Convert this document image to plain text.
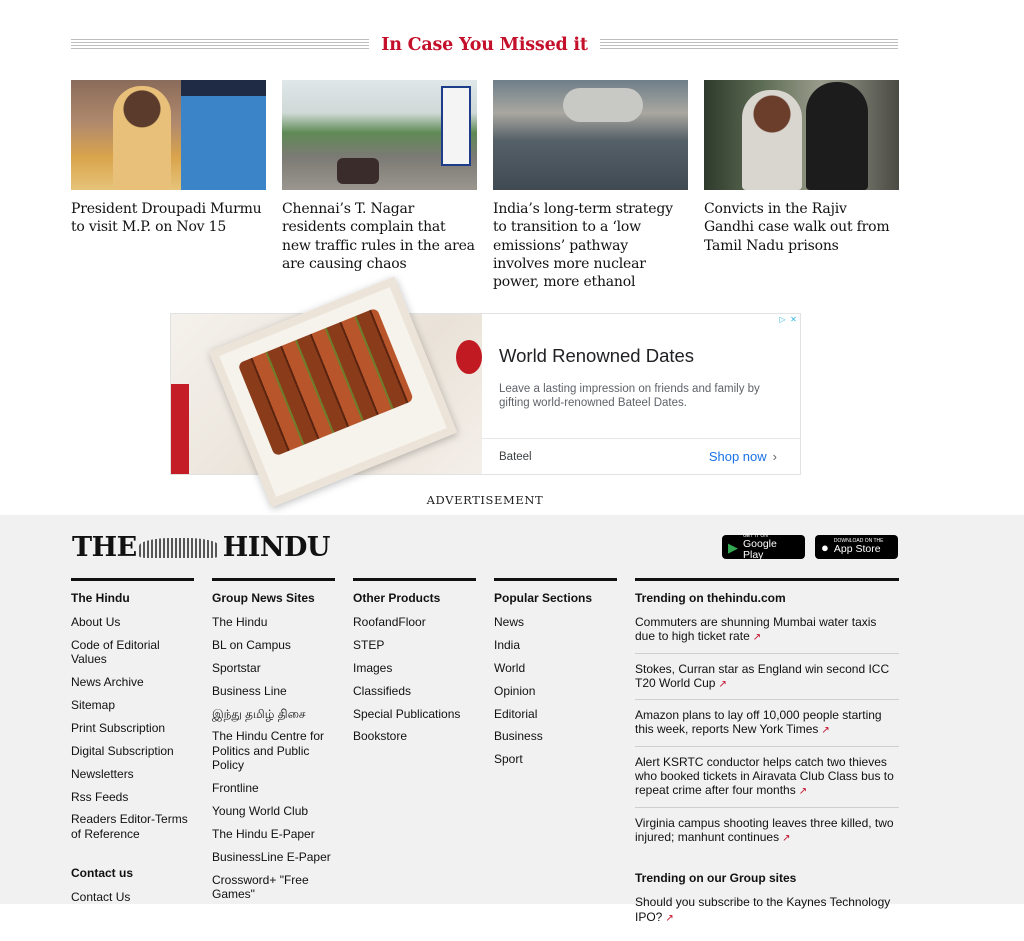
In Case You Missed it
President Droupadi Murmu to visit M.P. on Nov 15
Chennai’s T. Nagar residents complain that new traffic rules in the area are causing chaos
India’s long-term strategy to transition to a ‘low emissions’ pathway involves more nuclear power, more ethanol
Convicts in the Rajiv Gandhi case walk out from Tamil Nadu prisons
▷ ✕
World Renowned Dates
Leave a lasting impression on friends and family by gifting world-renowned Bateel Dates.
Bateel	Shop now ›
ADVERTISEMENT
THE	HINDU	▶
GET IT ON
Google Play	● DOWNLOAD ON THE
App Store
The Hindu
About Us
Code of Editorial Values
News Archive
Sitemap
Print Subscription
Digital Subscription
Newsletters
Rss Feeds
Readers Editor-Terms of Reference
Contact us
Contact Us
Group News Sites
The Hindu
BL on Campus
Sportstar
Business Line
இந்து தமிழ் திசை
The Hindu Centre for Politics and Public Policy
Frontline
Young World Club
The Hindu E-Paper
BusinessLine E-Paper
Crossword+ "Free Games"
Other Products
RoofandFloor
STEP
Images
Classifieds
Special Publications
Bookstore
Popular Sections
News
India
World
Opinion
Editorial
Business
Sport
Trending on thehindu.com
Commuters are shunning Mumbai water taxis due to high ticket rate ↗
Stokes, Curran star as England win second ICC T20 World Cup ↗
Amazon plans to lay off 10,000 people starting this week, reports New York Times ↗
Alert KSRTC conductor helps catch two thieves who booked tickets in Airavata Club Class bus to repeat crime after four months ↗
Virginia campus shooting leaves three killed, two injured; manhunt continues ↗
Trending on our Group sites
Should you subscribe to the Kaynes Technology IPO? ↗
